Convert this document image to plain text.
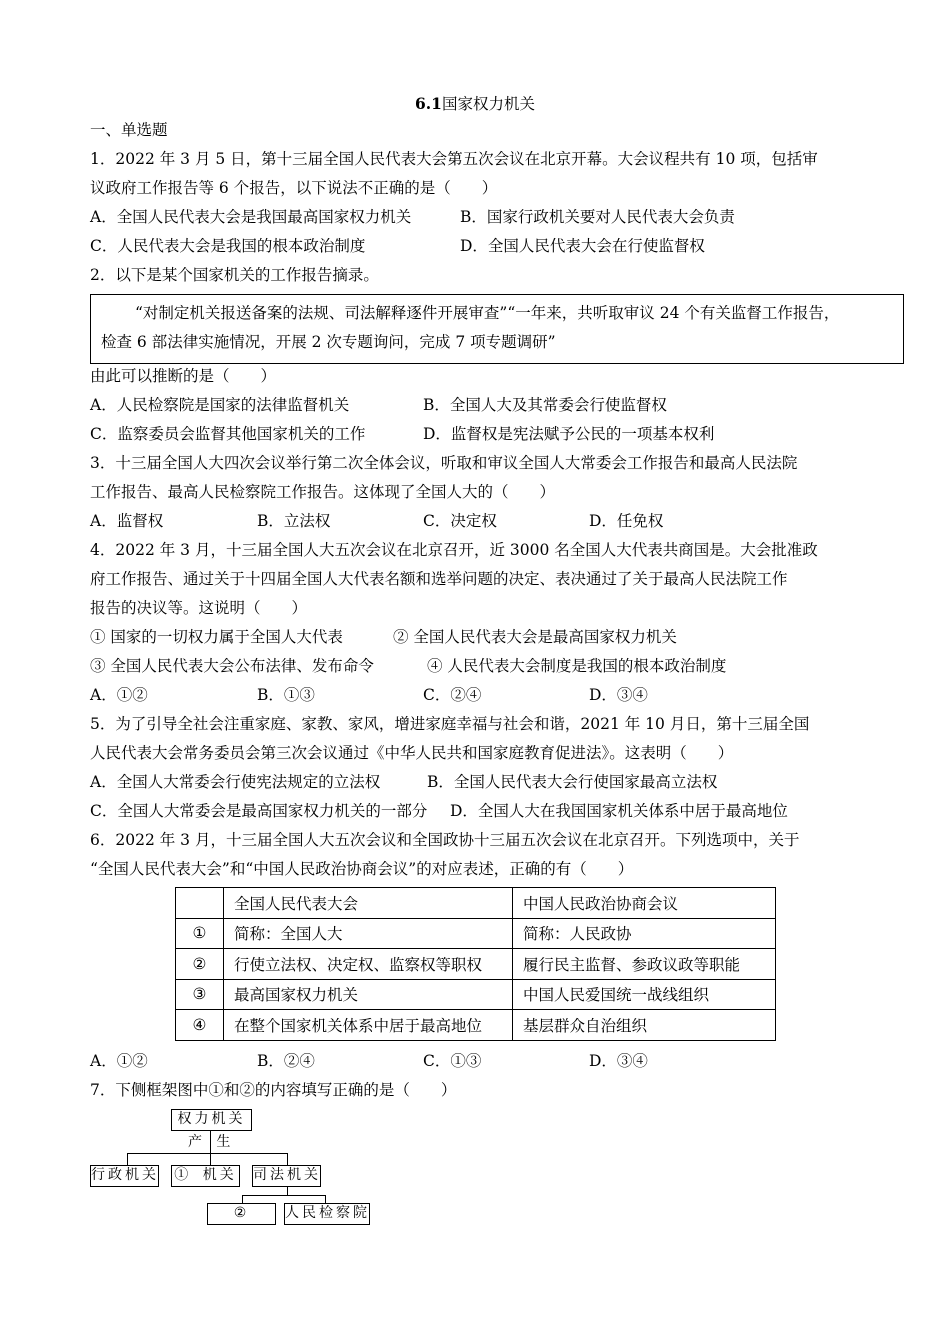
6.1国家权力机关
一、单选题
1．2022 年 3 月 5 日，第十三届全国人民代表大会第五次会议在北京开幕。大会议程共有 10 项，包括审
议政府工作报告等 6 个报告，以下说法不正确的是（　　）
A．全国人民代表大会是我国最高国家权力机关	B．国家行政机关要对人民代表大会负责
C．人民代表大会是我国的根本政治制度	D．全国人民代表大会在行使监督权
2．以下是某个国家机关的工作报告摘录。
“对制定机关报送备案的法规、司法解释逐件开展审查”“一年来，共听取审议 24 个有关监督工作报告，
检查 6 部法律实施情况，开展 2 次专题询问，完成 7 项专题调研”
由此可以推断的是（　　）
A．人民检察院是国家的法律监督机关	B．全国人大及其常委会行使监督权
C．监察委员会监督其他国家机关的工作	D．监督权是宪法赋予公民的一项基本权利
3．十三届全国人大四次会议举行第二次全体会议，听取和审议全国人大常委会工作报告和最高人民法院
工作报告、最高人民检察院工作报告。这体现了全国人大的（　　）
A．监督权	B．立法权	C．决定权	D．任免权
4．2022 年 3 月，十三届全国人大五次会议在北京召开，近 3000 名全国人大代表共商国是。大会批准政
府工作报告、通过关于十四届全国人大代表名额和选举问题的决定、表决通过了关于最高人民法院工作
报告的决议等。这说明（　　）
① 国家的一切权力属于全国人大代表	② 全国人民代表大会是最高国家权力机关
③ 全国人民代表大会公布法律、发布命令	④ 人民代表大会制度是我国的根本政治制度
A．①②	B．①③	C．②④	D．③④
5．为了引导全社会注重家庭、家教、家风，增进家庭幸福与社会和谐，2021 年 10 月日，第十三届全国
人民代表大会常务委员会第三次会议通过《中华人民共和国家庭教育促进法》。这表明（　　）
A．全国人大常委会行使宪法规定的立法权	B．全国人民代表大会行使国家最高立法权
C．全国人大常委会是最高国家权力机关的一部分 D．全国人大在我国国家机关体系中居于最高地位
6．2022 年 3 月，十三届全国人大五次会议和全国政协十三届五次会议在北京召开。下列选项中，关于
“全国人民代表大会”和“中国人民政治协商会议”的对应表述，正确的有（　　）
	全国人民代表大会	中国人民政治协商会议
①	简称：全国人大	简称：人民政协
②	行使立法权、决定权、监察权等职权	履行民主监督、参政议政等职能
③	最高国家权力机关	中国人民爱国统一战线组织
④	在整个国家机关体系中居于最高地位	基层群众自治组织
A．①②	B．②④	C．①③	D．③④
7．下侧框架图中①和②的内容填写正确的是（　　）
权力机关
产 生
行政机关 ① 机关 司法机关
②	人民检察院
